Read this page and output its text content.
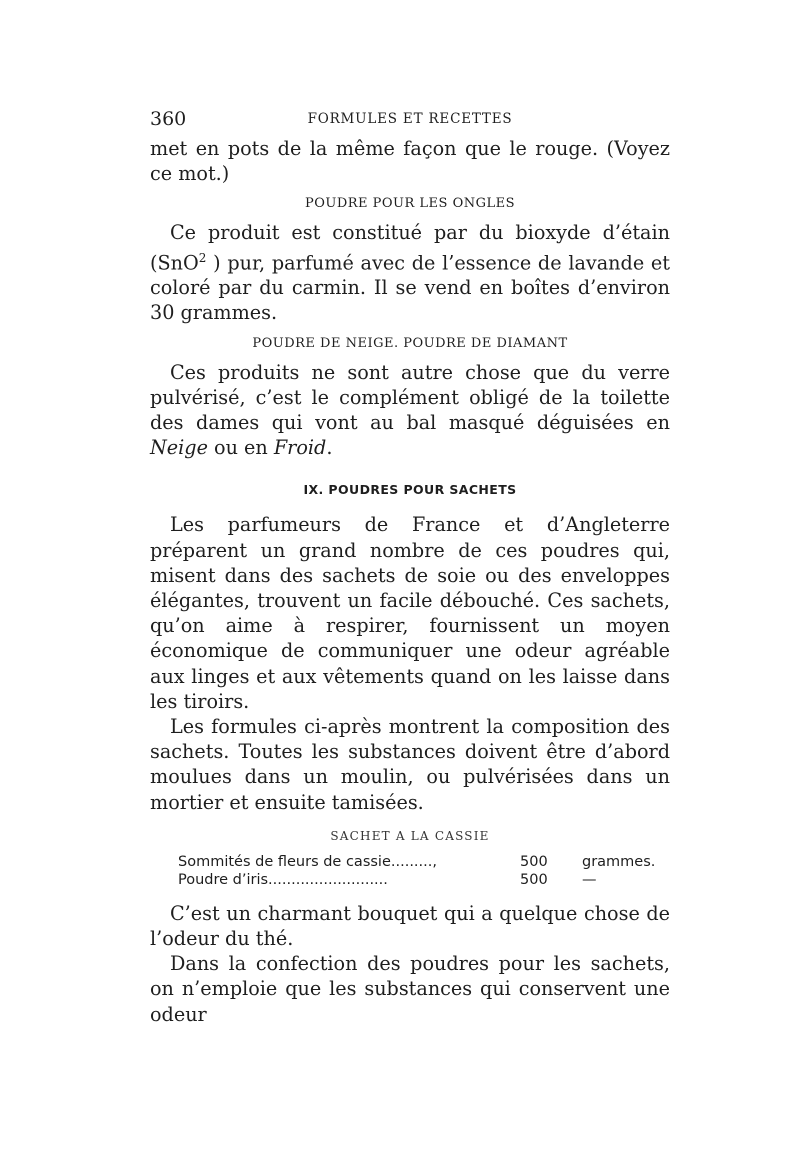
360	FORMULES ET RECETTES

met en pots de la même façon que le rouge. (Voyez ce mot.)

POUDRE POUR LES ONGLES

Ce produit est constitué par du bioxyde d’étain (SnO$^2$ ) pur, parfumé avec de l’essence de lavande et coloré par du carmin. Il se vend en boîtes d’environ 30 grammes.

POUDRE DE NEIGE. POUDRE DE DIAMANT

Ces produits ne sont autre chose que du verre pulvérisé, c’est le complément obligé de la toilette des dames qui vont au bal masqué déguisées en Neige ou en Froid.

IX. POUDRES POUR SACHETS

Les parfumeurs de France et d’Angleterre préparent un grand nombre de ces poudres qui, misent dans des sachets de soie ou des enveloppes élégantes, trouvent un facile débouché. Ces sachets, qu’on aime à respirer, fournissent un moyen économique de communiquer une odeur agréable aux linges et aux vêtements quand on les laisse dans les tiroirs.

Les formules ci-après montrent la composition des sachets. Toutes les substances doivent être d’abord moulues dans un moulin, ou pulvérisées dans un mortier et ensuite tamisées.

SACHET A LA CASSIE
Sommités de fleurs de cassie.........,	500	grammes.
Poudre d’iris..........................	500	—

C’est un charmant bouquet qui a quelque chose de l’odeur du thé.

Dans la confection des poudres pour les sachets, on n’emploie que les substances qui conservent une odeur
